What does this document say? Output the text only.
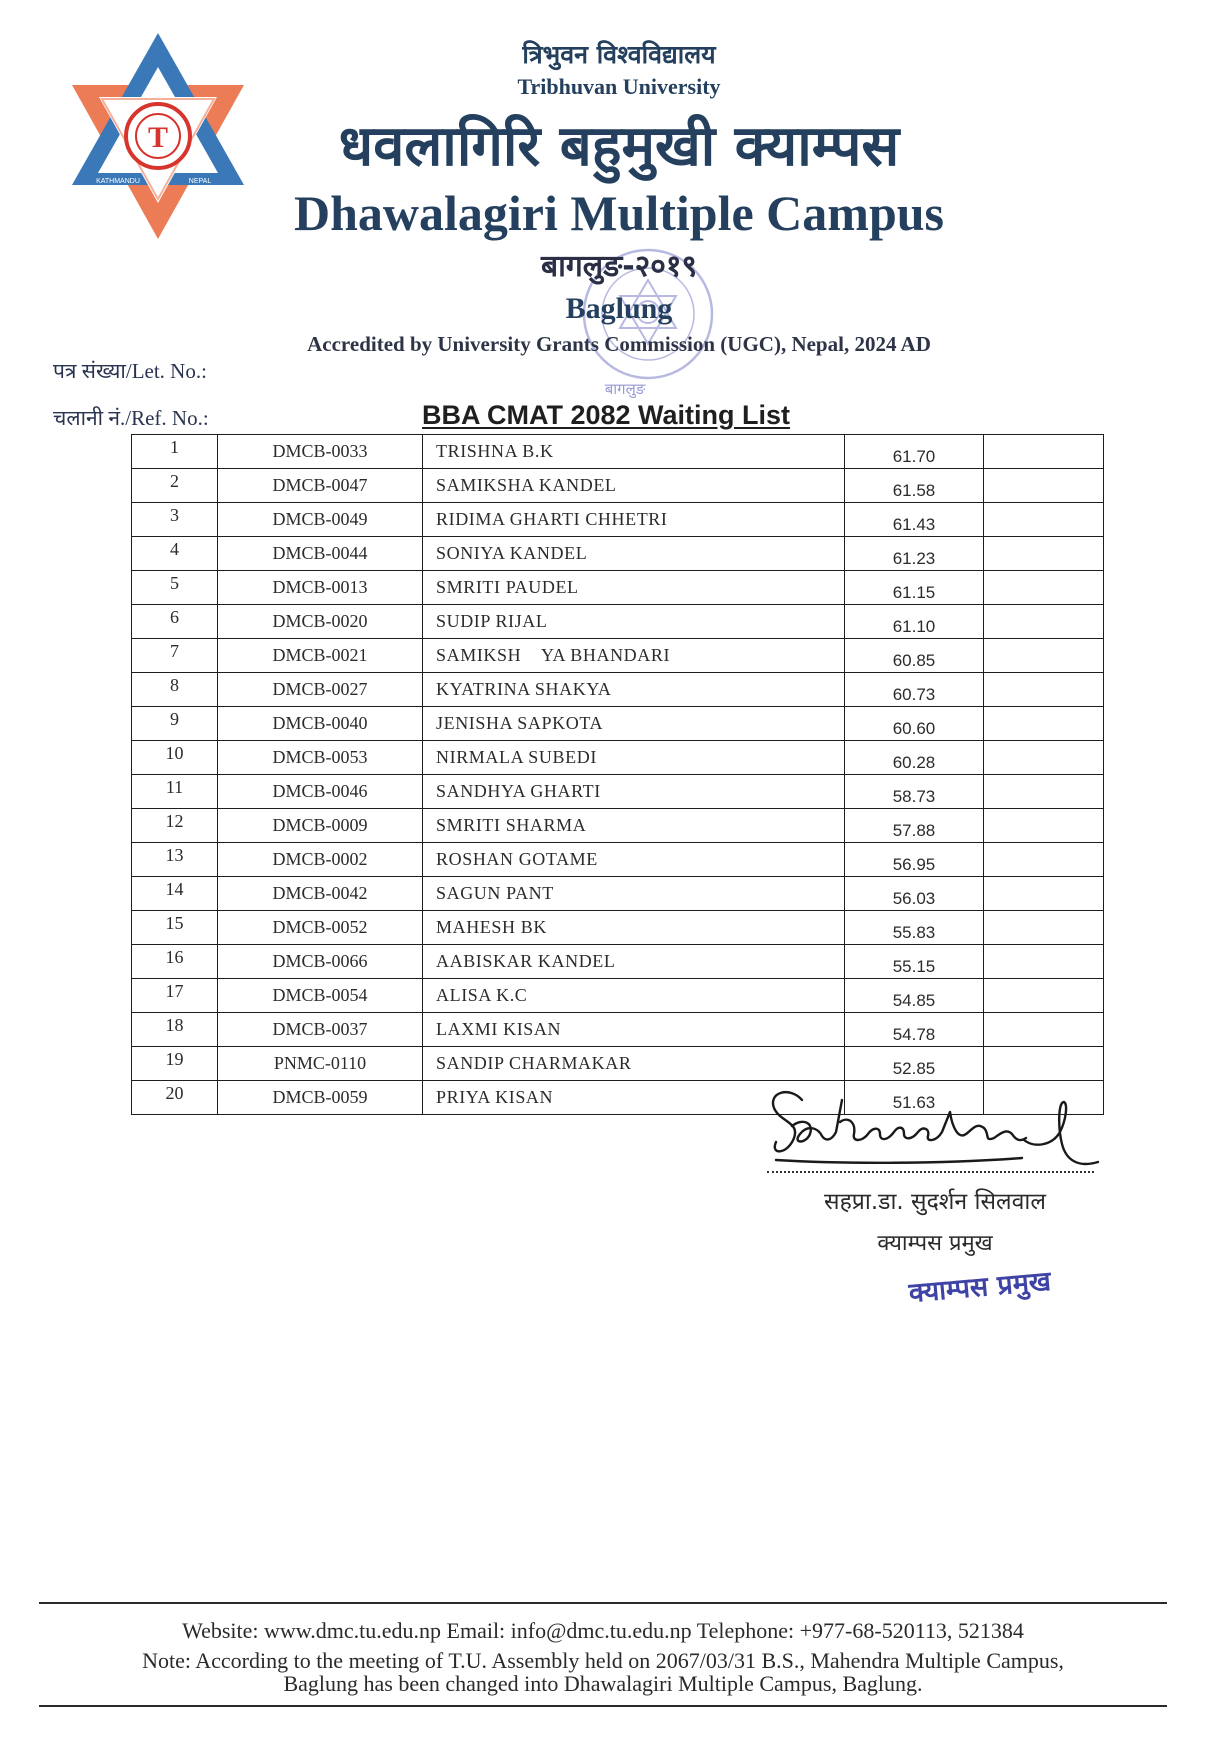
T
KATHMANDU	NEPAL
बागलुङ
त्रिभुवन विश्वविद्यालय
Tribhuvan University
धवलागिरि बहुमुखी क्याम्पस
Dhawalagiri Multiple Campus
बागलुङ-२०१९
Baglung
Accredited by University Grants Commission (UGC), Nepal, 2024 AD
पत्र संख्या/Let. No.:
चलानी नं./Ref. No.:	BBA CMAT 2082 Waiting List
1	DMCB-0033	TRISHNA B.K	61.70	
2	DMCB-0047	SAMIKSHA KANDEL	61.58	
3	DMCB-0049	RIDIMA GHARTI CHHETRI	61.43	
4	DMCB-0044	SONIYA KANDEL	61.23	
5	DMCB-0013	SMRITI PAUDEL	61.15	
6	DMCB-0020	SUDIP RIJAL	61.10	
7	DMCB-0021	SAMIKSH    YA BHANDARI	60.85	
8	DMCB-0027	KYATRINA SHAKYA	60.73	
9	DMCB-0040	JENISHA SAPKOTA	60.60	
10	DMCB-0053	NIRMALA SUBEDI	60.28	
11	DMCB-0046	SANDHYA GHARTI	58.73	
12	DMCB-0009	SMRITI SHARMA	57.88	
13	DMCB-0002	ROSHAN GOTAME	56.95	
14	DMCB-0042	SAGUN PANT	56.03	
15	DMCB-0052	MAHESH BK	55.83	
16	DMCB-0066	AABISKAR KANDEL	55.15	
17	DMCB-0054	ALISA K.C	54.85	
18	DMCB-0037	LAXMI KISAN	54.78	
19	PNMC-0110	SANDIP CHARMAKAR	52.85	
20	DMCB-0059	PRIYA KISAN	51.63	
सहप्रा.डा. सुदर्शन सिलवाल
क्याम्पस प्रमुख
क्याम्पस प्रमुख
Website: www.dmc.tu.edu.np Email: info@dmc.tu.edu.np Telephone: +977-68-520113, 521384
Note: According to the meeting of T.U. Assembly held on 2067/03/31 B.S., Mahendra Multiple Campus,
Baglung has been changed into Dhawalagiri Multiple Campus, Baglung.
